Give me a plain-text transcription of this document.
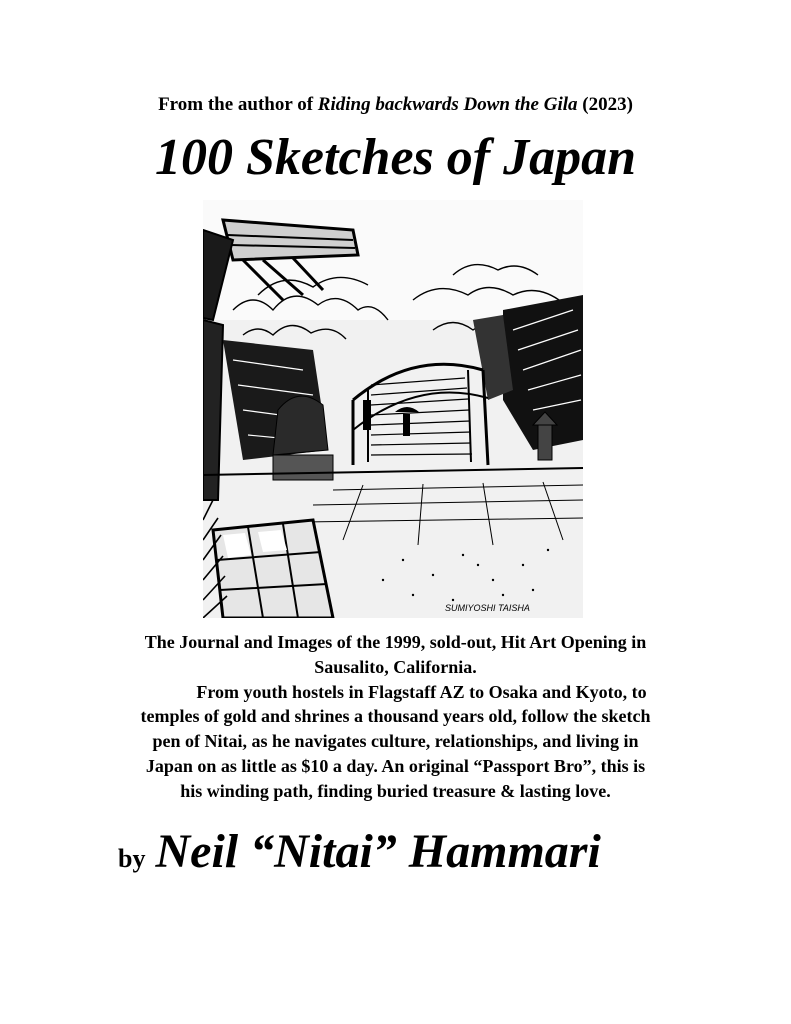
From the author of Riding backwards Down the Gila (2023)
100 Sketches of Japan
SUMIYOSHI TAISHA
The Journal and Images of the 1999, sold-out, Hit Art Opening in
Sausalito, California.
From youth hostels in Flagstaff AZ to Osaka and Kyoto, to
temples of gold and shrines a thousand years old, follow the sketch
pen of Nitai, as he navigates culture, relationships, and living in
Japan on as little as $10 a day. An original “Passport Bro”, this is
his winding path, finding buried treasure & lasting love.
by Neil “Nitai” Hammari
